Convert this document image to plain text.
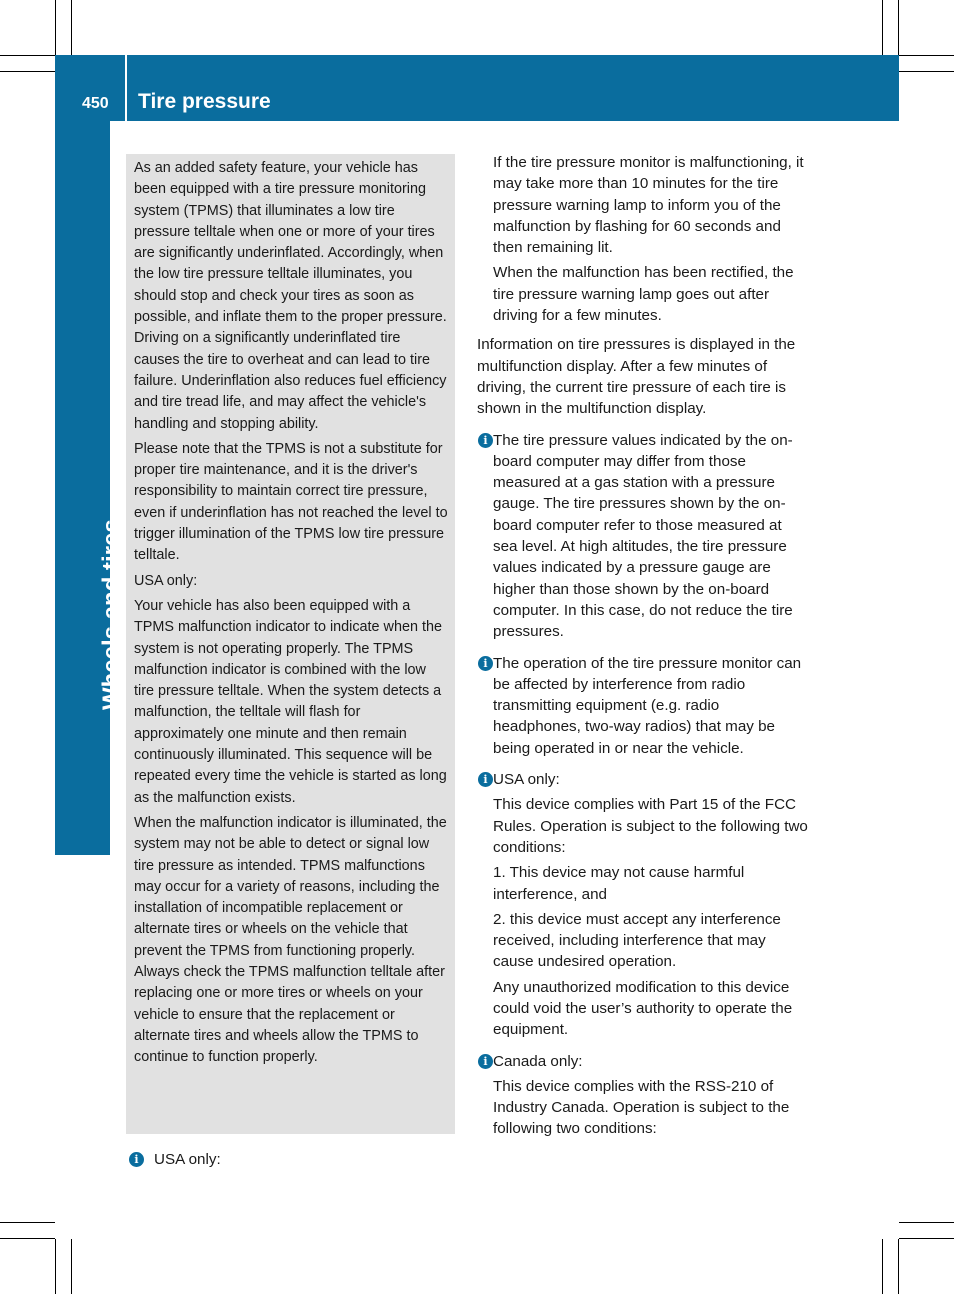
450 Tire pressure
Wheels and tires

As an added safety feature, your vehicle has been equipped with a tire pressure monitoring system (TPMS) that illuminates a low tire pressure telltale when one or more of your tires are significantly underinflated. Accordingly, when the low tire pressure telltale illuminates, you should stop and check your tires as soon as possible, and inflate them to the proper pressure. Driving on a significantly underinflated tire causes the tire to overheat and can lead to tire failure. Underinflation also reduces fuel efficiency and tire tread life, and may affect the vehicle's handling and stopping ability.

Please note that the TPMS is not a substitute for proper tire maintenance, and it is the driver's responsibility to maintain correct tire pressure, even if underinflation has not reached the level to trigger illumination of the TPMS low tire pressure telltale.

USA only:

Your vehicle has also been equipped with a TPMS malfunction indicator to indicate when the system is not operating properly. The TPMS malfunction indicator is combined with the low tire pressure telltale. When the system detects a malfunction, the telltale will flash for approximately one minute and then remain continuously illuminated. This sequence will be repeated every time the vehicle is started as long as the malfunction exists.

When the malfunction indicator is illuminated, the system may not be able to detect or signal low tire pressure as intended. TPMS malfunctions may occur for a variety of reasons, including the installation of incompatible replacement or alternate tires or wheels on the vehicle that prevent the TPMS from functioning properly. Always check the TPMS malfunction telltale after replacing one or more tires or wheels on your vehicle to ensure that the replacement or alternate tires and wheels allow the TPMS to continue to function properly.

i	USA only:

If the tire pressure monitor is malfunctioning, it may take more than 10 minutes for the tire pressure warning lamp to inform you of the malfunction by flashing for 60 seconds and then remaining lit.

When the malfunction has been rectified, the tire pressure warning lamp goes out after driving for a few minutes.

Information on tire pressures is displayed in the multifunction display. After a few minutes of driving, the current tire pressure of each tire is shown in the multifunction display.

i The tire pressure values indicated by the on-board computer may differ from those measured at a gas station with a pressure gauge. The tire pressures shown by the on-board computer refer to those measured at sea level. At high altitudes, the tire pressure values indicated by a pressure gauge are higher than those shown by the on-board computer. In this case, do not reduce the tire pressures.

i The operation of the tire pressure monitor can be affected by interference from radio transmitting equipment (e.g. radio headphones, two-way radios) that may be being operated in or near the vehicle.

i USA only:

This device complies with Part 15 of the FCC Rules. Operation is subject to the following two conditions:

1. This device may not cause harmful interference, and

2. this device must accept any interference received, including interference that may cause undesired operation.

Any unauthorized modification to this device could void the user’s authority to operate the equipment.

i Canada only:

This device complies with the RSS-210 of Industry Canada. Operation is subject to the following two conditions:
